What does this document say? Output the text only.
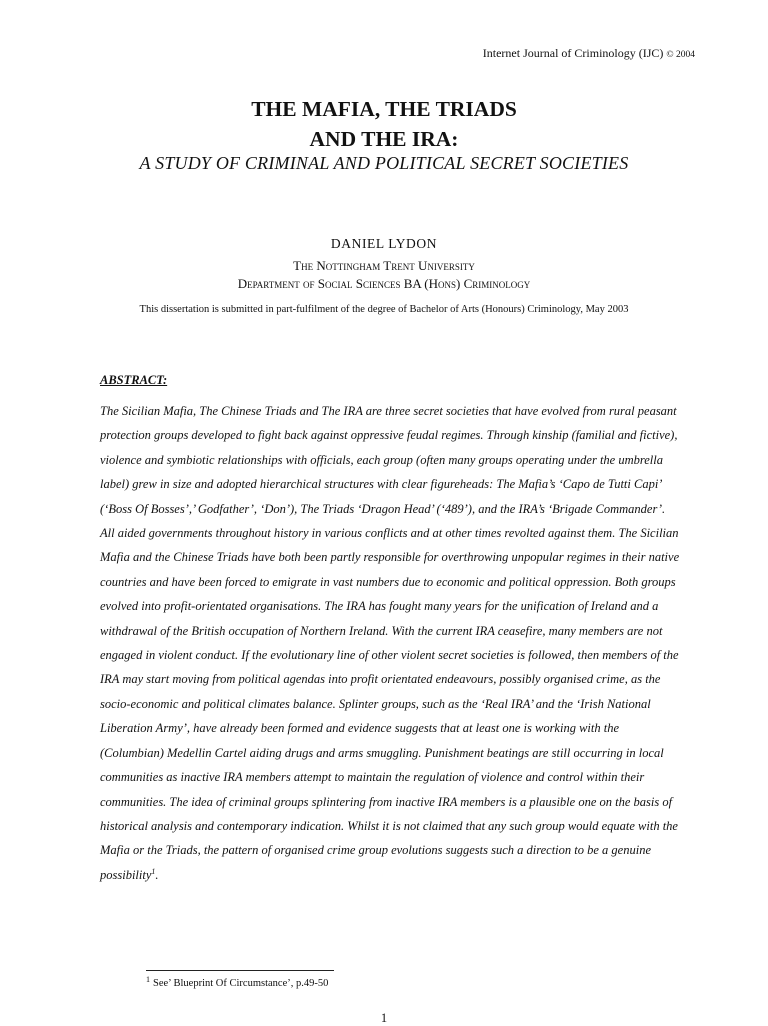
Internet Journal of Criminology (IJC) © 2004
THE MAFIA, THE TRIADS
AND THE IRA:
A STUDY OF CRIMINAL AND POLITICAL SECRET SOCIETIES
DANIEL LYDON
The Nottingham Trent University
Department of Social Sciences BA (Hons) Criminology
This dissertation is submitted in part-fulfilment of the degree of Bachelor of Arts (Honours) Criminology, May 2003
ABSTRACT:

The Sicilian Mafia, The Chinese Triads and The IRA are three secret societies that have evolved from rural peasant protection groups developed to fight back against oppressive feudal regimes. Through kinship (familial and fictive), violence and symbiotic relationships with officials, each group (often many groups operating under the umbrella label) grew in size and adopted hierarchical structures with clear figureheads: The Mafia’s ‘Capo de Tutti Capi’ (‘Boss Of Bosses’,’ Godfather’, ‘Don’), The Triads ‘Dragon Head’ (‘489’), and the IRA’s ‘Brigade Commander’. All aided governments throughout history in various conflicts and at other times revolted against them. The Sicilian Mafia and the Chinese Triads have both been partly responsible for overthrowing unpopular regimes in their native countries and have been forced to emigrate in vast numbers due to economic and political oppression. Both groups evolved into profit-orientated organisations. The IRA has fought many years for the unification of Ireland and a withdrawal of the British occupation of Northern Ireland. With the current IRA ceasefire, many members are not engaged in violent conduct. If the evolutionary line of other violent secret societies is followed, then members of the IRA may start moving from political agendas into profit orientated endeavours, possibly organised crime, as the socio-economic and political climates balance. Splinter groups, such as the ‘Real IRA’ and the ‘Irish National Liberation Army’, have already been formed and evidence suggests that at least one is working with the (Columbian) Medellin Cartel aiding drugs and arms smuggling. Punishment beatings are still occurring in local communities as inactive IRA members attempt to maintain the regulation of violence and control within their communities. The idea of criminal groups splintering from inactive IRA members is a plausible one on the basis of historical analysis and contemporary indication. Whilst it is not claimed that any such group would equate with the Mafia or the Triads, the pattern of organised crime group evolutions suggests such a direction to be a genuine possibility$^1$.

$^1$ See’ Blueprint Of Circumstance’, p.49-50
1
